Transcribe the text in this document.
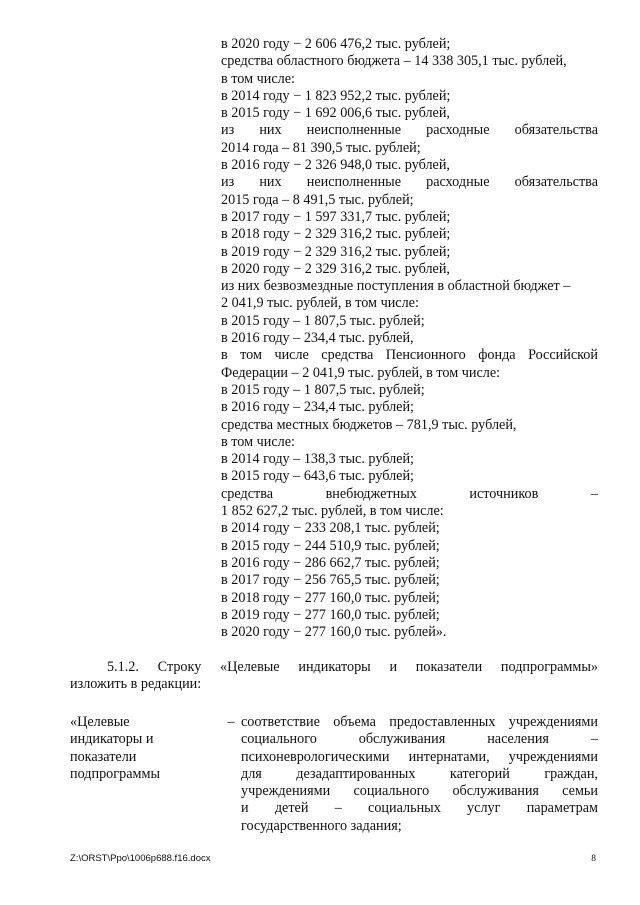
в 2020 году − 2 606 476,2 тыс. рублей;
средства областного бюджета – 14 338 305,1 тыс. рублей,
в том числе:
в 2014 году − 1 823 952,2 тыс. рублей;
в 2015 году − 1 692 006,6 тыс. рублей,
из них неисполненные расходные обязательства
2014 года – 81 390,5 тыс. рублей;
в 2016 году − 2 326 948,0 тыс. рублей,
из них неисполненные расходные обязательства
2015 года – 8 491,5 тыс. рублей;
в 2017 году − 1 597 331,7 тыс. рублей;
в 2018 году − 2 329 316,2 тыс. рублей;
в 2019 году − 2 329 316,2 тыс. рублей;
в 2020 году − 2 329 316,2 тыс. рублей,
из них безвозмездные поступления в областной бюджет –
2 041,9 тыс. рублей, в том числе:
в 2015 году – 1 807,5 тыс. рублей;
в 2016 году – 234,4 тыс. рублей,
в том числе средства Пенсионного фонда Российской
Федерации – 2 041,9 тыс. рублей, в том числе:
в 2015 году – 1 807,5 тыс. рублей;
в 2016 году – 234,4 тыс. рублей;
средства местных бюджетов – 781,9 тыс. рублей,
в том числе:
в 2014 году – 138,3 тыс. рублей;
в 2015 году – 643,6 тыс. рублей;
средства внебюджетных источников –
1 852 627,2 тыс. рублей, в том числе:
в 2014 году − 233 208,1 тыс. рублей;
в 2015 году − 244 510,9 тыс. рублей;
в 2016 году − 286 662,7 тыс. рублей;
в 2017 году − 256 765,5 тыс. рублей;
в 2018 году − 277 160,0 тыс. рублей;
в 2019 году − 277 160,0 тыс. рублей;
в 2020 году − 277 160,0 тыс. рублей».
5.1.2. Строку «Целевые индикаторы и показатели подпрограммы»
изложить в редакции:
«Целевые
индикаторы и
показатели
подпрограммы
– соответствие объема предоставленных учреждениями
социального обслуживания населения –
психоневрологическими интернатами, учреждениями
для дезадаптированных категорий граждан,
учреждениями социального обслуживания семьи
и детей – социальных услуг параметрам
государственного задания;
Z:\ORST\Ppo\1006p688.f16.docx	8
